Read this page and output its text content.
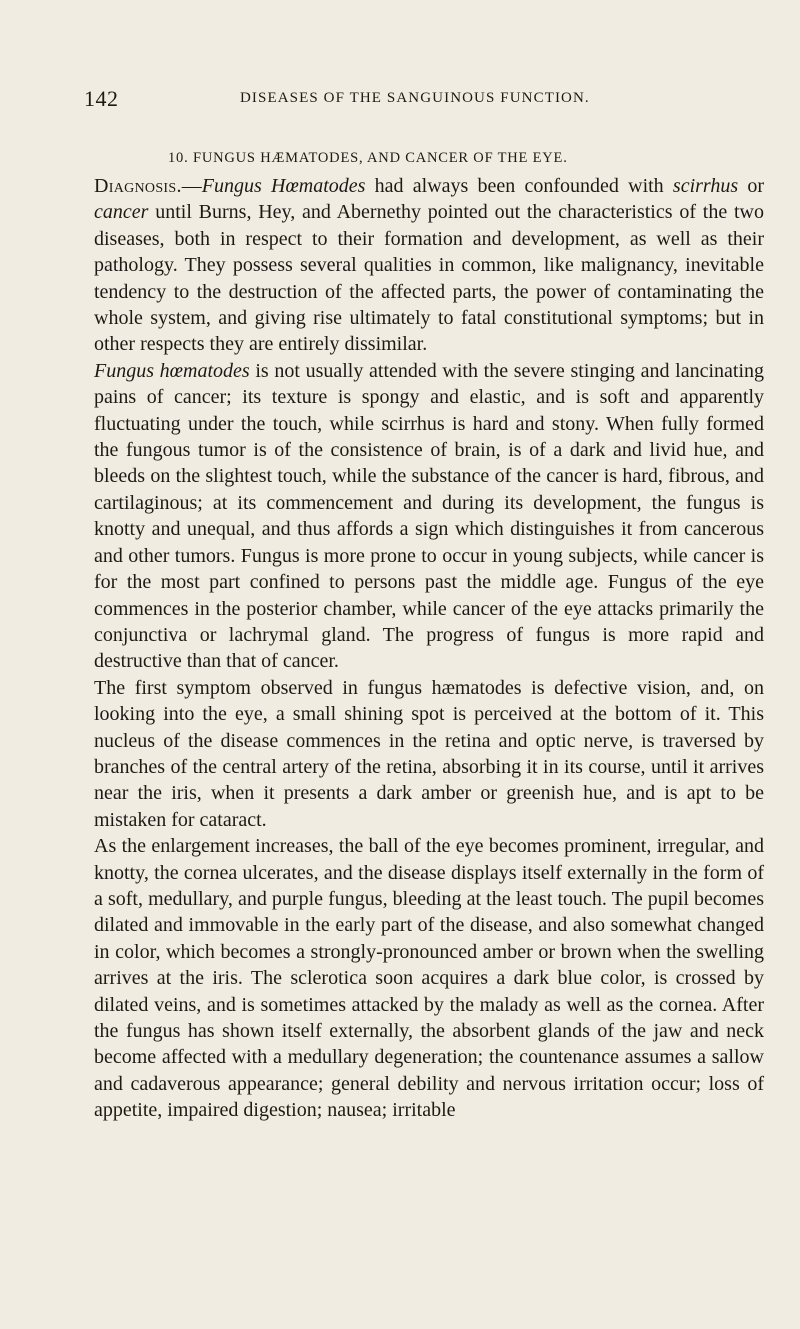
142	DISEASES OF THE SANGUINOUS FUNCTION.
10. FUNGUS HÆMATODES, AND CANCER OF THE EYE.

Diagnosis.—Fungus Hœmatodes had always been confounded with scirrhus or cancer until Burns, Hey, and Abernethy pointed out the characteristics of the two diseases, both in respect to their formation and development, as well as their pathology. They possess several qualities in common, like malignancy, inevitable tendency to the destruction of the affected parts, the power of contaminating the whole system, and giving rise ultimately to fatal constitutional symptoms; but in other respects they are entirely dissimilar.

Fungus hœmatodes is not usually attended with the severe stinging and lancinating pains of cancer; its texture is spongy and elastic, and is soft and apparently fluctuating under the touch, while scirrhus is hard and stony. When fully formed the fungous tumor is of the consistence of brain, is of a dark and livid hue, and bleeds on the slightest touch, while the substance of the cancer is hard, fibrous, and cartilaginous; at its commencement and during its development, the fungus is knotty and unequal, and thus affords a sign which distinguishes it from cancerous and other tumors. Fungus is more prone to occur in young subjects, while cancer is for the most part confined to persons past the middle age. Fungus of the eye commences in the posterior chamber, while cancer of the eye attacks primarily the conjunctiva or lachrymal gland. The progress of fungus is more rapid and destructive than that of cancer.

The first symptom observed in fungus hæmatodes is defective vision, and, on looking into the eye, a small shining spot is perceived at the bottom of it. This nucleus of the disease commences in the retina and optic nerve, is traversed by branches of the central artery of the retina, absorbing it in its course, until it arrives near the iris, when it presents a dark amber or greenish hue, and is apt to be mistaken for cataract.

As the enlargement increases, the ball of the eye becomes prominent, irregular, and knotty, the cornea ulcerates, and the disease displays itself externally in the form of a soft, medullary, and purple fungus, bleeding at the least touch. The pupil becomes dilated and immovable in the early part of the disease, and also somewhat changed in color, which becomes a strongly-pronounced amber or brown when the swelling arrives at the iris. The sclerotica soon acquires a dark blue color, is crossed by dilated veins, and is sometimes attacked by the malady as well as the cornea. After the fungus has shown itself externally, the absorbent glands of the jaw and neck become affected with a medullary degeneration; the countenance assumes a sallow and cadaverous appearance; general debility and nervous irritation occur; loss of appetite, impaired digestion; nausea; irritable
